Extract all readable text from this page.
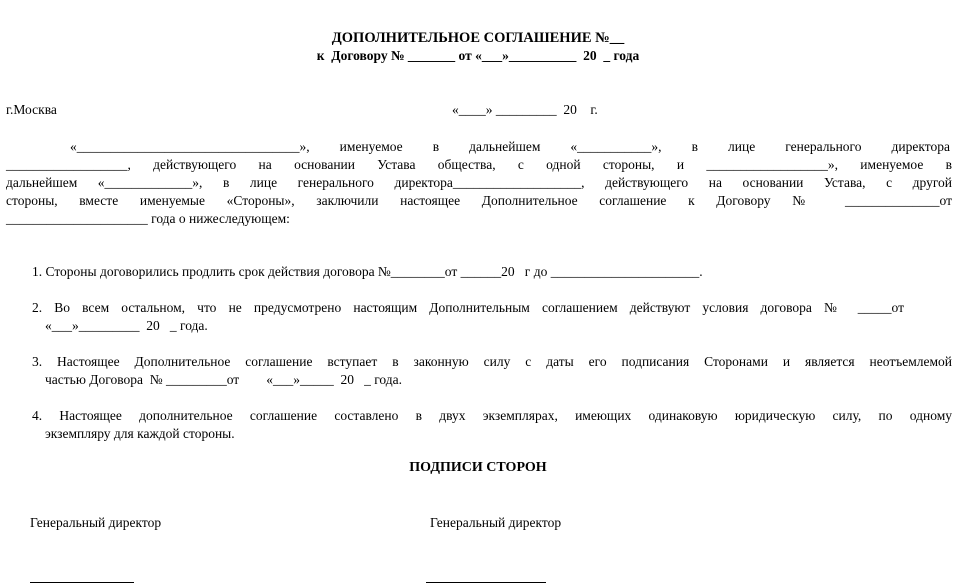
ДОПОЛНИТЕЛЬНОЕ СОГЛАШЕНИЕ №__
к  Договору № _______ от «___»__________  20  _ года
г.Москва	«____» _________  20    г.
«_________________________________», именуемое в дальнейшем «___________», в лице генерального директора
__________________, действующего на основании Устава общества, с одной стороны, и __________________», именуемое в
дальнейшем «_____________», в лице генерального директора___________________, действующего на основании Устава, с другой
стороны, вместе именуемые «Стороны», заключили настоящее Дополнительное соглашение к Договору № ______________от
_____________________ года о нижеследующем:
1. Стороны договорились продлить срок действия договора №________от ______20   г до ______________________.
2. Во всем остальном, что не предусмотрено настоящим Дополнительным соглашением действуют условия договора № _____от
«___»_________  20   _ года.
3. Настоящее Дополнительное соглашение вступает в законную силу с даты его подписания Сторонами и является неотъемлемой
частью Договора  № _________от        «___»_____  20   _ года.
4. Настоящее дополнительное соглашение составлено в двух экземплярах, имеющих одинаковую юридическую силу, по одному
экземпляру для каждой стороны.
ПОДПИСИ СТОРОН
Генеральный директор	Генеральный директор
